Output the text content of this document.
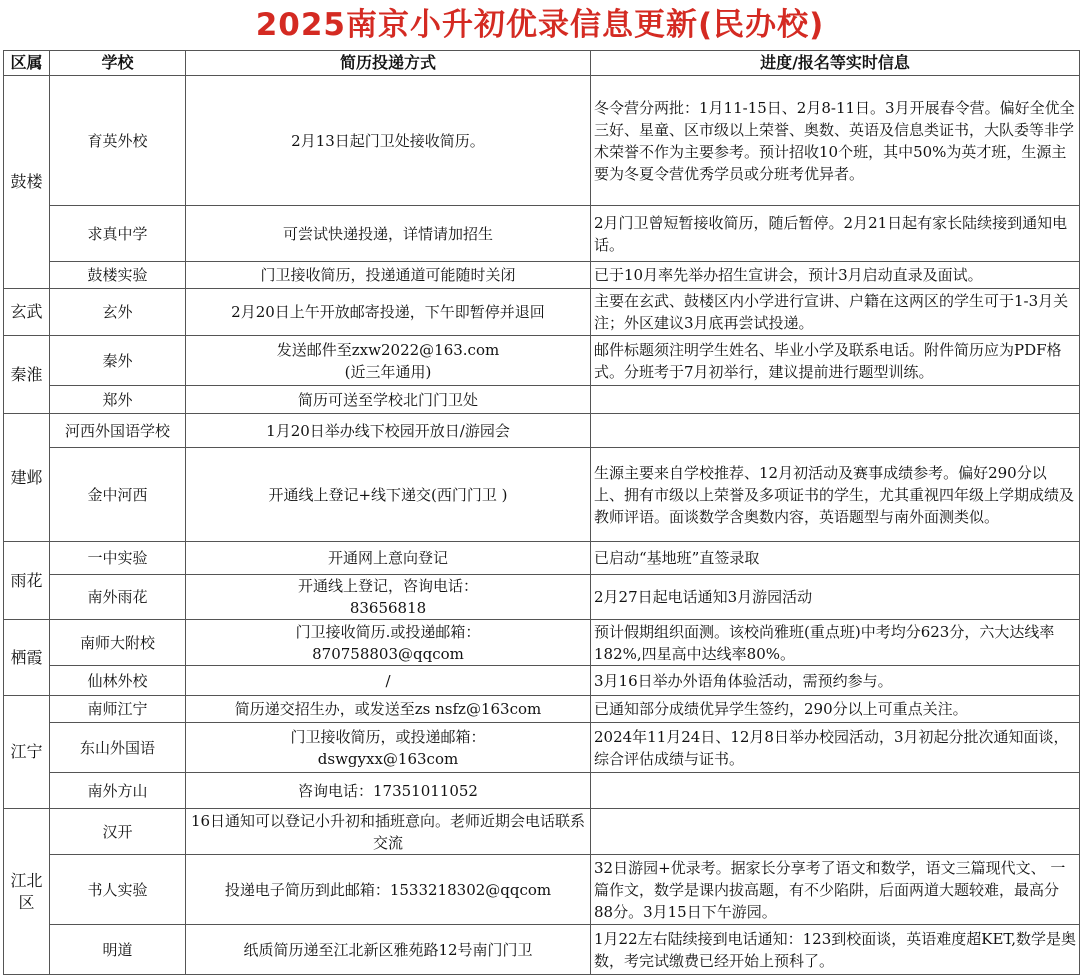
2025南京小升初优录信息更新(民办校)
区属	学校	简历投递方式	进度/报名等实时信息
鼓楼	育英外校	2月13日起门卫处接收简历。	冬令营分两批：1月11-15日、2月8-11日。3月开展春令营。偏好全优全三好、星童、区市级以上荣誉、奥数、英语及信息类证书，大队委等非学术荣誉不作为主要参考。预计招收10个班，其中50%为英才班，生源主要为冬夏令营优秀学员或分班考优异者。
	求真中学	可尝试快递投递，详情请加招生	2月门卫曾短暂接收简历，随后暂停。2月21日起有家长陆续接到通知电话。
	鼓楼实验	门卫接收简历，投递通道可能随时关闭	已于10月率先举办招生宣讲会，预计3月启动直录及面试。
玄武	玄外	2月20日上午开放邮寄投递，下午即暂停并退回	主要在玄武、鼓楼区内小学进行宣讲、户籍在这两区的学生可于1-3月关注；外区建议3月底再尝试投递。
秦淮	秦外	发送邮件至zxw2022@163.com
(近三年通用)	邮件标题须注明学生姓名、毕业小学及联系电话。附件简历应为PDF格式。分班考于7月初举行，建议提前进行题型训练。
	郑外	简历可送至学校北门门卫处	
建邺	河西外国语学校	1月20日举办线下校园开放日/游园会	
	金中河西	开通线上登记+线下递交(西门门卫 )	生源主要来自学校推荐、12月初活动及赛事成绩参考。偏好290分以上、拥有市级以上荣誉及多项证书的学生，尤其重视四年级上学期成绩及教师评语。面谈数学含奥数内容，英语题型与南外面测类似。
雨花	一中实验	开通网上意向登记	已启动“基地班”直签录取
	南外雨花	开通线上登记，咨询电话：
83656818	2月27日起电话通知3月游园活动
栖霞	南师大附校	门卫接收简历.或投递邮箱：
870758803@qqcom	预计假期组织面测。该校尚雅班(重点班)中考均分623分，六大达线率182%,四星高中达线率80%。
	仙林外校	/	3月16日举办外语角体验活动，需预约参与。
江宁	南师江宁	简历递交招生办，或发送至zs nsfz@163com	已通知部分成绩优异学生签约，290分以上可重点关注。
	东山外国语	门卫接收简历，或投递邮箱：
dswgyxx@163com	2024年11月24日、12月8日举办校园活动，3月初起分批次通知面谈，综合评估成绩与证书。
	南外方山	咨询电话：17351011052	
江北区	汉开	16日通知可以登记小升初和插班意向。老师近期会电话联系交流	
	书人实验	投递电子简历到此邮箱：1533218302@qqcom	32日游园+优录考。据家长分享考了语文和数学，语文三篇现代文、 一篇作文，数学是课内拔高题，有不少陷阱，后面两道大题较难，最高分88分。3月15日下午游园。
	明道	纸质简历递至江北新区雅苑路12号南门门卫	1月22左右陆续接到电话通知：123到校面谈，英语难度超KET,数学是奥数，考完试缴费已经开始上预科了。
